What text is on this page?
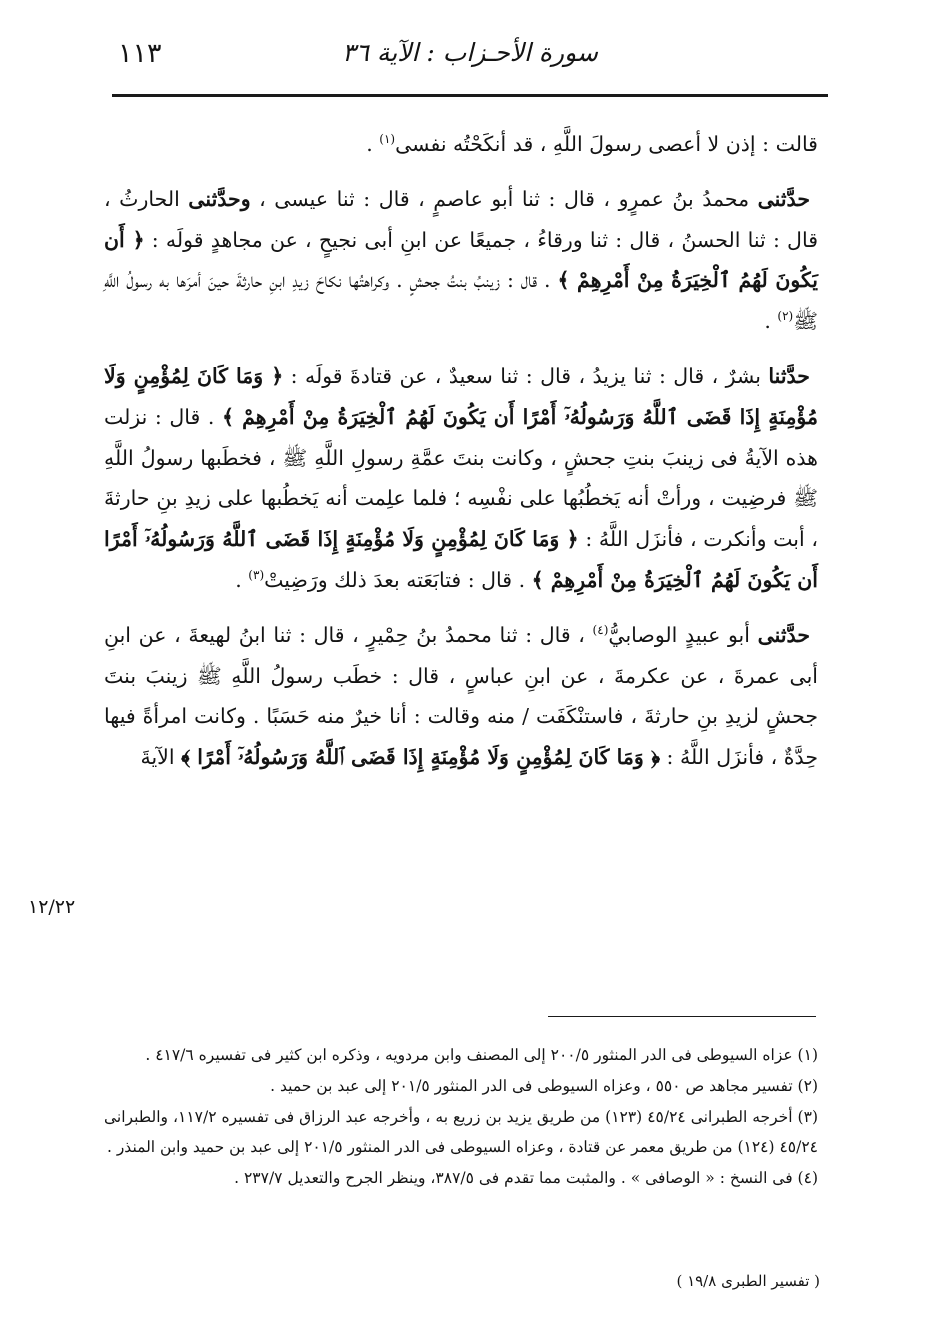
سورة الأحـزاب : الآية ٣٦
١١٣

قالت : إذن لا أعصى رسولَ اللَّهِ ، قد أنكَحْتُه نفسى$^{(١)}$ .

حدَّثنى محمدُ بنُ عمرٍو ، قال : ثنا أبو عاصمٍ ، قال : ثنا عيسى ، وحدَّثنى الحارثُ ، قال : ثنا الحسنُ ، قال : ثنا ورقاءُ ، جميعًا عن ابنِ أبى نجيحٍ ، عن مجاهدٍ قولَه : ﴿ أَن يَكُونَ لَهُمُ ٱلْخِيَرَةُ مِنْ أَمْرِهِمْ ﴾ . قال : زينبُ بنتُ جحشٍ . وكراهتُها نكاحَ زيدِ ابنِ حارثةَ حينَ أمرَها به رسولُ اللَّهِ ﷺ$^{(٢)}$ .

حدَّثنا بشرٌ ، قال : ثنا يزيدُ ، قال : ثنا سعيدٌ ، عن قتادةَ قولَه : ﴿ وَمَا كَانَ لِمُؤْمِنٍ وَلَا مُؤْمِنَةٍ إِذَا قَضَى ٱللَّهُ وَرَسُولُهُۥٓ أَمْرًا أَن يَكُونَ لَهُمُ ٱلْخِيَرَةُ مِنْ أَمْرِهِمْ ﴾ . قال : نزلت هذه الآيةُ فى زينبَ بنتِ جحشٍ ، وكانت بنتَ عمَّةِ رسولِ اللَّهِ ﷺ ، فخطَبها رسولُ اللَّهِ ﷺ فرضِيت ، ورأتْ أنه يَخطُبُها على نفْسِه ؛ فلما علِمت أنه يَخطُبها على زيدِ بنِ حارثةَ ، أبت وأنكرت ، فأنزَل اللَّهُ : ﴿ وَمَا كَانَ لِمُؤْمِنٍ وَلَا مُؤْمِنَةٍ إِذَا قَضَى ٱللَّهُ وَرَسُولُهُۥٓ أَمْرًا أَن يَكُونَ لَهُمُ ٱلْخِيَرَةُ مِنْ أَمْرِهِمْ ﴾ . قال : فتابَعَته بعدَ ذلك ورَضِيتْ$^{(٣)}$ .

حدَّثنى أبو عبيدٍ الوصابيُّ$^{(٤)}$ ، قال : ثنا محمدُ بنُ حِمْيرٍ ، قال : ثنا ابنُ لهيعةَ ، عن ابنِ أبى عمرةَ ، عن عكرمةَ ، عن ابنِ عباسٍ ، قال : خطَب رسولُ اللَّهِ ﷺ زينبَ بنتَ جحشٍ لزيدِ بنِ حارثةَ ، فاستنْكَفَت / منه وقالت : أنا خيرٌ منه حَسَبًا . وكانت امرأةً فيها حِدَّةٌ ، فأنزَل اللَّهُ : ﴿ وَمَا كَانَ لِمُؤْمِنٍ وَلَا مُؤْمِنَةٍ إِذَا قَضَى ٱللَّهُ وَرَسُولُهُۥٓ أَمْرًا ﴾ الآيةَ

١٢/٢٢

(١) عزاه السيوطى فى الدر المنثور ٢٠٠/٥ إلى المصنف وابن مردويه ، وذكره ابن كثير فى تفسيره ٤١٧/٦ .

(٢) تفسير مجاهد ص ٥٥٠ ، وعزاه السيوطى فى الدر المنثور ٢٠١/٥ إلى عبد بن حميد .

(٣) أخرجه الطبرانى ٤٥/٢٤ (١٢٣) من طريق يزيد بن زريع به ، وأخرجه عبد الرزاق فى تفسيره ١١٧/٢، والطبرانى ٤٥/٢٤ (١٢٤) من طريق معمر عن قتادة ، وعزاه السيوطى فى الدر المنثور ٢٠١/٥ إلى عبد بن حميد وابن المنذر .

(٤) فى النسخ : « الوصافى » . والمثبت مما تقدم فى ٣٨٧/٥، وينظر الجرح والتعديل ٢٣٧/٧ .

( تفسير الطبرى ١٩/٨ )
